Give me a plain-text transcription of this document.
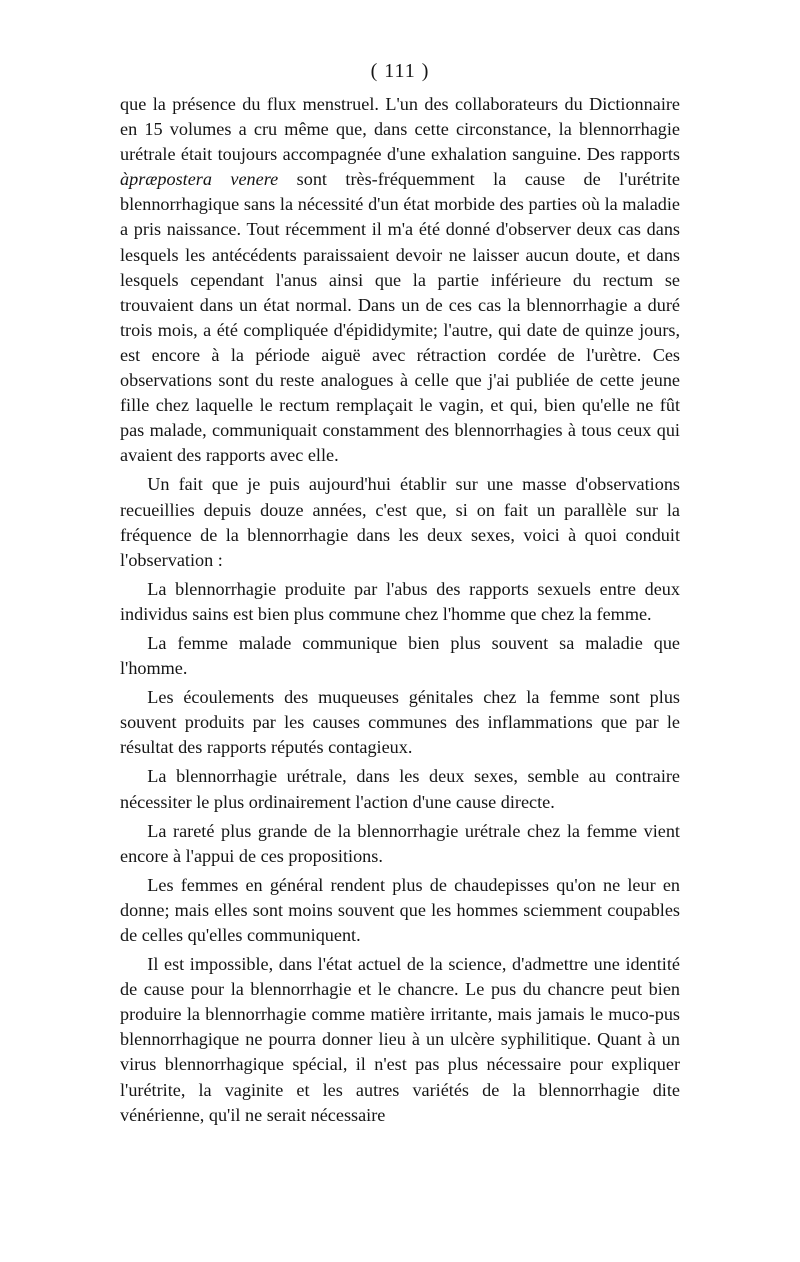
( 111 )

que la présence du flux menstruel. L'un des collaborateurs du Dictionnaire en 15 volumes a cru même que, dans cette circonstance, la blennorrhagie urétrale était toujours accompagnée d'une exhalation sanguine. Des rapports àpræpostera venere sont très-fréquemment la cause de l'urétrite blennorrhagique sans la nécessité d'un état morbide des parties où la maladie a pris naissance. Tout récemment il m'a été donné d'observer deux cas dans lesquels les antécédents paraissaient devoir ne laisser aucun doute, et dans lesquels cependant l'anus ainsi que la partie inférieure du rectum se trouvaient dans un état normal. Dans un de ces cas la blennorrhagie a duré trois mois, a été compliquée d'épididymite; l'autre, qui date de quinze jours, est encore à la période aiguë avec rétraction cordée de l'urètre. Ces observations sont du reste analogues à celle que j'ai publiée de cette jeune fille chez laquelle le rectum remplaçait le vagin, et qui, bien qu'elle ne fût pas malade, communiquait constamment des blennorrhagies à tous ceux qui avaient des rapports avec elle.

Un fait que je puis aujourd'hui établir sur une masse d'observations recueillies depuis douze années, c'est que, si on fait un parallèle sur la fréquence de la blennorrhagie dans les deux sexes, voici à quoi conduit l'observation :

La blennorrhagie produite par l'abus des rapports sexuels entre deux individus sains est bien plus commune chez l'homme que chez la femme.

La femme malade communique bien plus souvent sa maladie que l'homme.

Les écoulements des muqueuses génitales chez la femme sont plus souvent produits par les causes communes des inflammations que par le résultat des rapports réputés contagieux.

La blennorrhagie urétrale, dans les deux sexes, semble au contraire nécessiter le plus ordinairement l'action d'une cause directe.

La rareté plus grande de la blennorrhagie urétrale chez la femme vient encore à l'appui de ces propositions.

Les femmes en général rendent plus de chaudepisses qu'on ne leur en donne; mais elles sont moins souvent que les hommes sciemment coupables de celles qu'elles communiquent.

Il est impossible, dans l'état actuel de la science, d'admettre une identité de cause pour la blennorrhagie et le chancre. Le pus du chancre peut bien produire la blennorrhagie comme matière irritante, mais jamais le muco-pus blennorrhagique ne pourra donner lieu à un ulcère syphilitique. Quant à un virus blennorrhagique spécial, il n'est pas plus nécessaire pour expliquer l'urétrite, la vaginite et les autres variétés de la blennorrhagie dite vénérienne, qu'il ne serait nécessaire
